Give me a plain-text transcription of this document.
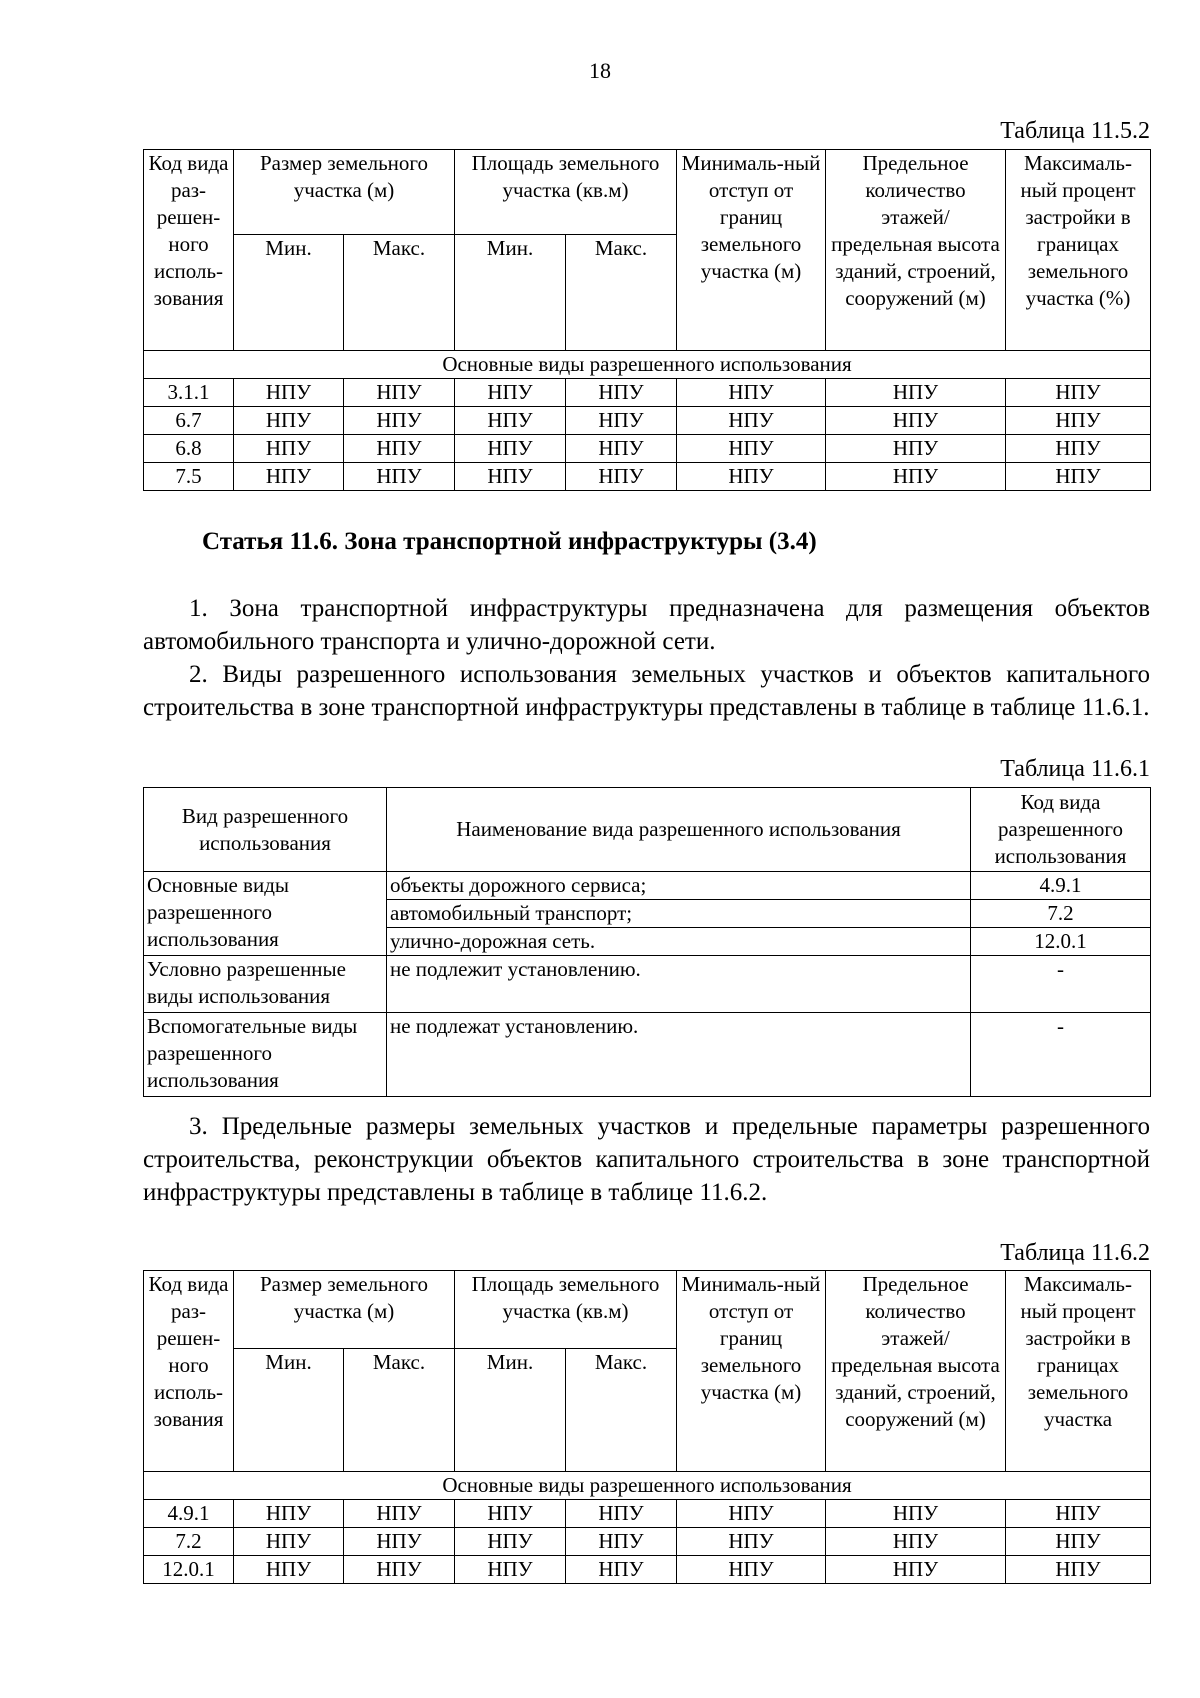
18
Таблица 11.5.2
Код вида раз-решен-ного исполь-зования	Размер земельного участка (м)		Площадь земельного участка (кв.м)		Минималь-ный отступ от границ земельного участка (м)	Предельное количество этажей/ предельная высота зданий, строений, сооружений (м)	Максималь-ный процент застройки в границах земельного участка (%)
	Мин.	Макс.	Мин.	Макс.			
Основные виды разрешенного использования							
3.1.1	НПУ	НПУ	НПУ	НПУ	НПУ	НПУ	НПУ
6.7	НПУ	НПУ	НПУ	НПУ	НПУ	НПУ	НПУ
6.8	НПУ	НПУ	НПУ	НПУ	НПУ	НПУ	НПУ
7.5	НПУ	НПУ	НПУ	НПУ	НПУ	НПУ	НПУ
Статья 11.6. Зона транспортной инфраструктуры (3.4)
1. Зона транспортной инфраструктуры предназначена для размещения объектов автомобильного транспорта и улично-дорожной сети.
2. Виды разрешенного использования земельных участков и объектов капитального строительства в зоне транспортной инфраструктуры представлены в таблице в таблице 11.6.1.
Таблица 11.6.1
Вид разрешенного использования	Наименование вида разрешенного использования	Код вида разрешенного использования
Основные виды разрешенного использования	объекты дорожного сервиса;	4.9.1
	автомобильный транспорт;	7.2
	улично-дорожная сеть.	12.0.1
Условно разрешенные виды использования	не подлежит установлению.	-
Вспомогательные виды разрешенного использования	не подлежат установлению.	-
3. Предельные размеры земельных участков и предельные параметры разрешенного строительства, реконструкции объектов капитального строительства в зоне транспортной инфраструктуры представлены в таблице в таблице 11.6.2.
Таблица 11.6.2
Код вида раз-решен-ного исполь-зования	Размер земельного участка (м)		Площадь земельного участка (кв.м)		Минималь-ный отступ от границ земельного участка (м)	Предельное количество этажей/ предельная высота зданий, строений, сооружений (м)	Максималь-ный процент застройки в границах земельного участка
	Мин.	Макс.	Мин.	Макс.			
Основные виды разрешенного использования							
4.9.1	НПУ	НПУ	НПУ	НПУ	НПУ	НПУ	НПУ
7.2	НПУ	НПУ	НПУ	НПУ	НПУ	НПУ	НПУ
12.0.1	НПУ	НПУ	НПУ	НПУ	НПУ	НПУ	НПУ
